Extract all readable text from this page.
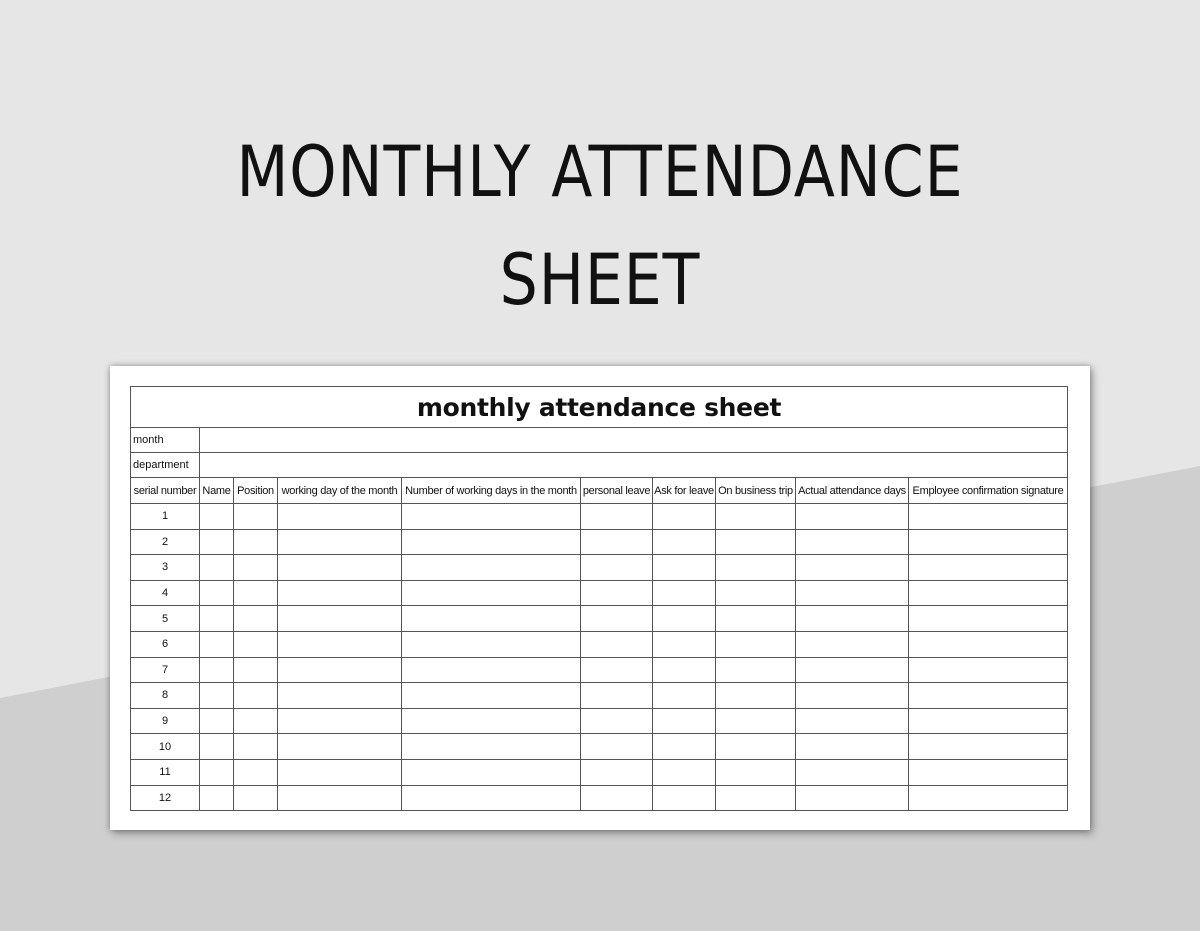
MONTHLY ATTENDANCE
SHEET
monthly attendance sheet									
month									
department									
serial number	Name	Position	working day of the month	Number of working days in the month	personal leave	Ask for leave	On business trip	Actual attendance days	Employee confirmation signature
1									
2									
3									
4									
5									
6									
7									
8									
9									
10									
11									
12									
